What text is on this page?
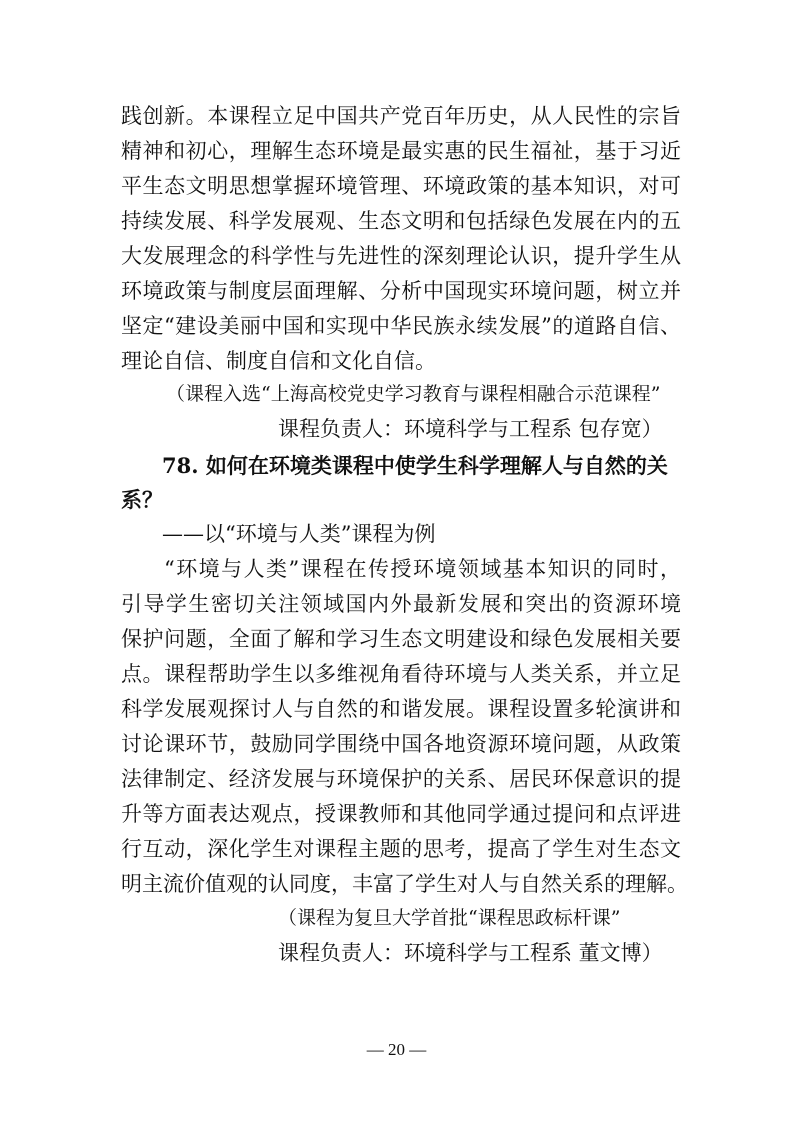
践创新。本课程立足中国共产党百年历史，从人民性的宗旨
精神和初心，理解生态环境是最实惠的民生福祉，基于习近
平生态文明思想掌握环境管理、环境政策的基本知识，对可
持续发展、科学发展观、生态文明和包括绿色发展在内的五
大发展理念的科学性与先进性的深刻理论认识，提升学生从
环境政策与制度层面理解、分析中国现实环境问题，树立并
坚定“建设美丽中国和实现中华民族永续发展”的道路自信、
理论自信、制度自信和文化自信。
（课程入选“上海高校党史学习教育与课程相融合示范课程”
课程负责人：环境科学与工程系 包存宽）
78. 如何在环境类课程中使学生科学理解人与自然的关
系？
——以“环境与人类”课程为例
“环境与人类”课程在传授环境领域基本知识的同时，
引导学生密切关注领域国内外最新发展和突出的资源环境
保护问题，全面了解和学习生态文明建设和绿色发展相关要
点。课程帮助学生以多维视角看待环境与人类关系，并立足
科学发展观探讨人与自然的和谐发展。课程设置多轮演讲和
讨论课环节，鼓励同学围绕中国各地资源环境问题，从政策
法律制定、经济发展与环境保护的关系、居民环保意识的提
升等方面表达观点，授课教师和其他同学通过提问和点评进
行互动，深化学生对课程主题的思考，提高了学生对生态文
明主流价值观的认同度，丰富了学生对人与自然关系的理解。
（课程为复旦大学首批“课程思政标杆课”
课程负责人：环境科学与工程系 董文博）
— 20 —
